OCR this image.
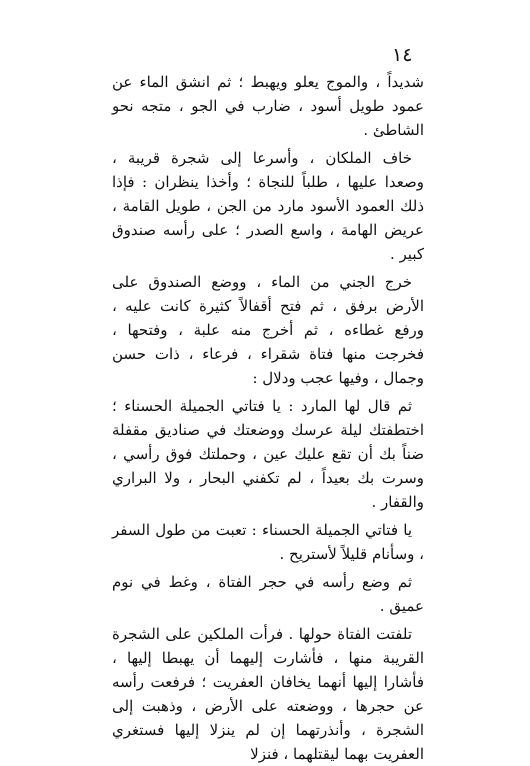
١٤

شديداً ، والموج يعلو ويهبط ؛ ثم انشق الماء عن عمود طويل أسود ، ضارب في الجو ، متجه نحو الشاطئ .

خاف الملكان ، وأسرعا إلى شجرة قريبة ، وصعدا عليها ، طلباً للنجاة ؛ وأخذا ينظران : فإذا ذلك العمود الأسود مارد من الجن ، طويل القامة ، عريض الهامة ، واسع الصدر ؛ على رأسه صندوق كبير .

خرج الجني من الماء ، ووضع الصندوق على الأرض برفق ، ثم فتح أقفالاً كثيرة كانت عليه ، ورفع غطاءه ، ثم أخرج منه علبة ، وفتحها ، فخرجت منها فتاة شقراء ، فرعاء ، ذات حسن وجمال ، وفيها عجب ودلال :

ثم قال لها المارد : يا فتاتي الجميلة الحسناء ؛ اختطفتك ليلة عرسك ووضعتك في صناديق مقفلة ضناً بك أن تقع عليك عين ، وحملتك فوق رأسي ، وسرت بك بعيداً ، لم تكفني البحار ، ولا البراري والقفار .

يا فتاتي الجميلة الحسناء : تعبت من طول السفر ، وسأنام قليلاً لأستريح .

ثم وضع رأسه في حجر الفتاة ، وغط في نوم عميق .

تلفتت الفتاة حولها . فرأت الملكين على الشجرة القريبة منها ، فأشارت إليهما أن يهبطا إليها ، فأشارا إليها أنهما يخافان العفريت ؛ فرفعت رأسه عن حجرها ، ووضعته على الأرض ، وذهبت إلى الشجرة ، وأنذرتهما إن لم ينزلا إليها فستغري العفريت بهما ليقتلهما ، فنزلا
